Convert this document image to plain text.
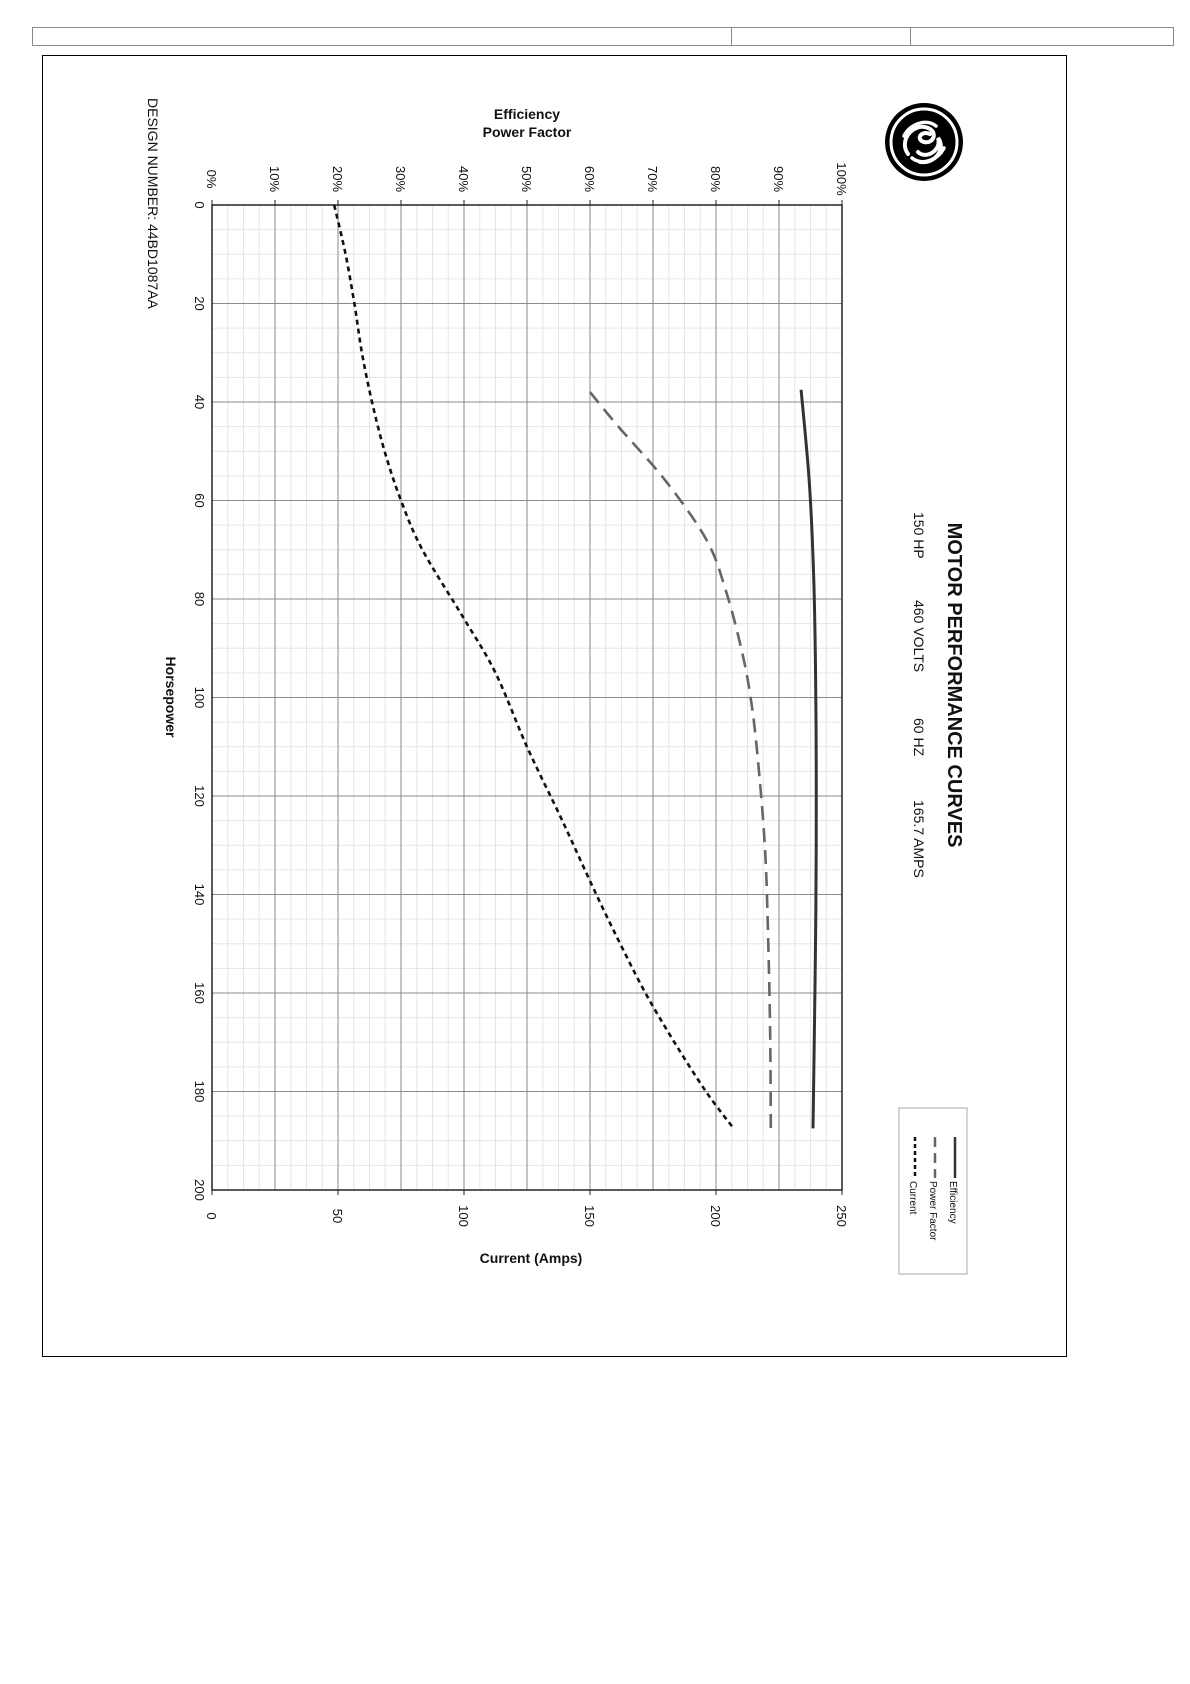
MOTOR PERFORMANCE CURVES
150 HP
460 VOLTS
60 HZ
165.7 AMPS
DESIGN NUMBER: 44BD1087AA	Efficiency
Power Factor
Current (Amps)
Horsepower
Efficiency
Power Factor
Current
0%	10%	20%	30%	40%	50%	60%	70%	80%	90%	100%
0	50	100	150	200	250
0
20
40
60
80
100
120
140
160
180
200
